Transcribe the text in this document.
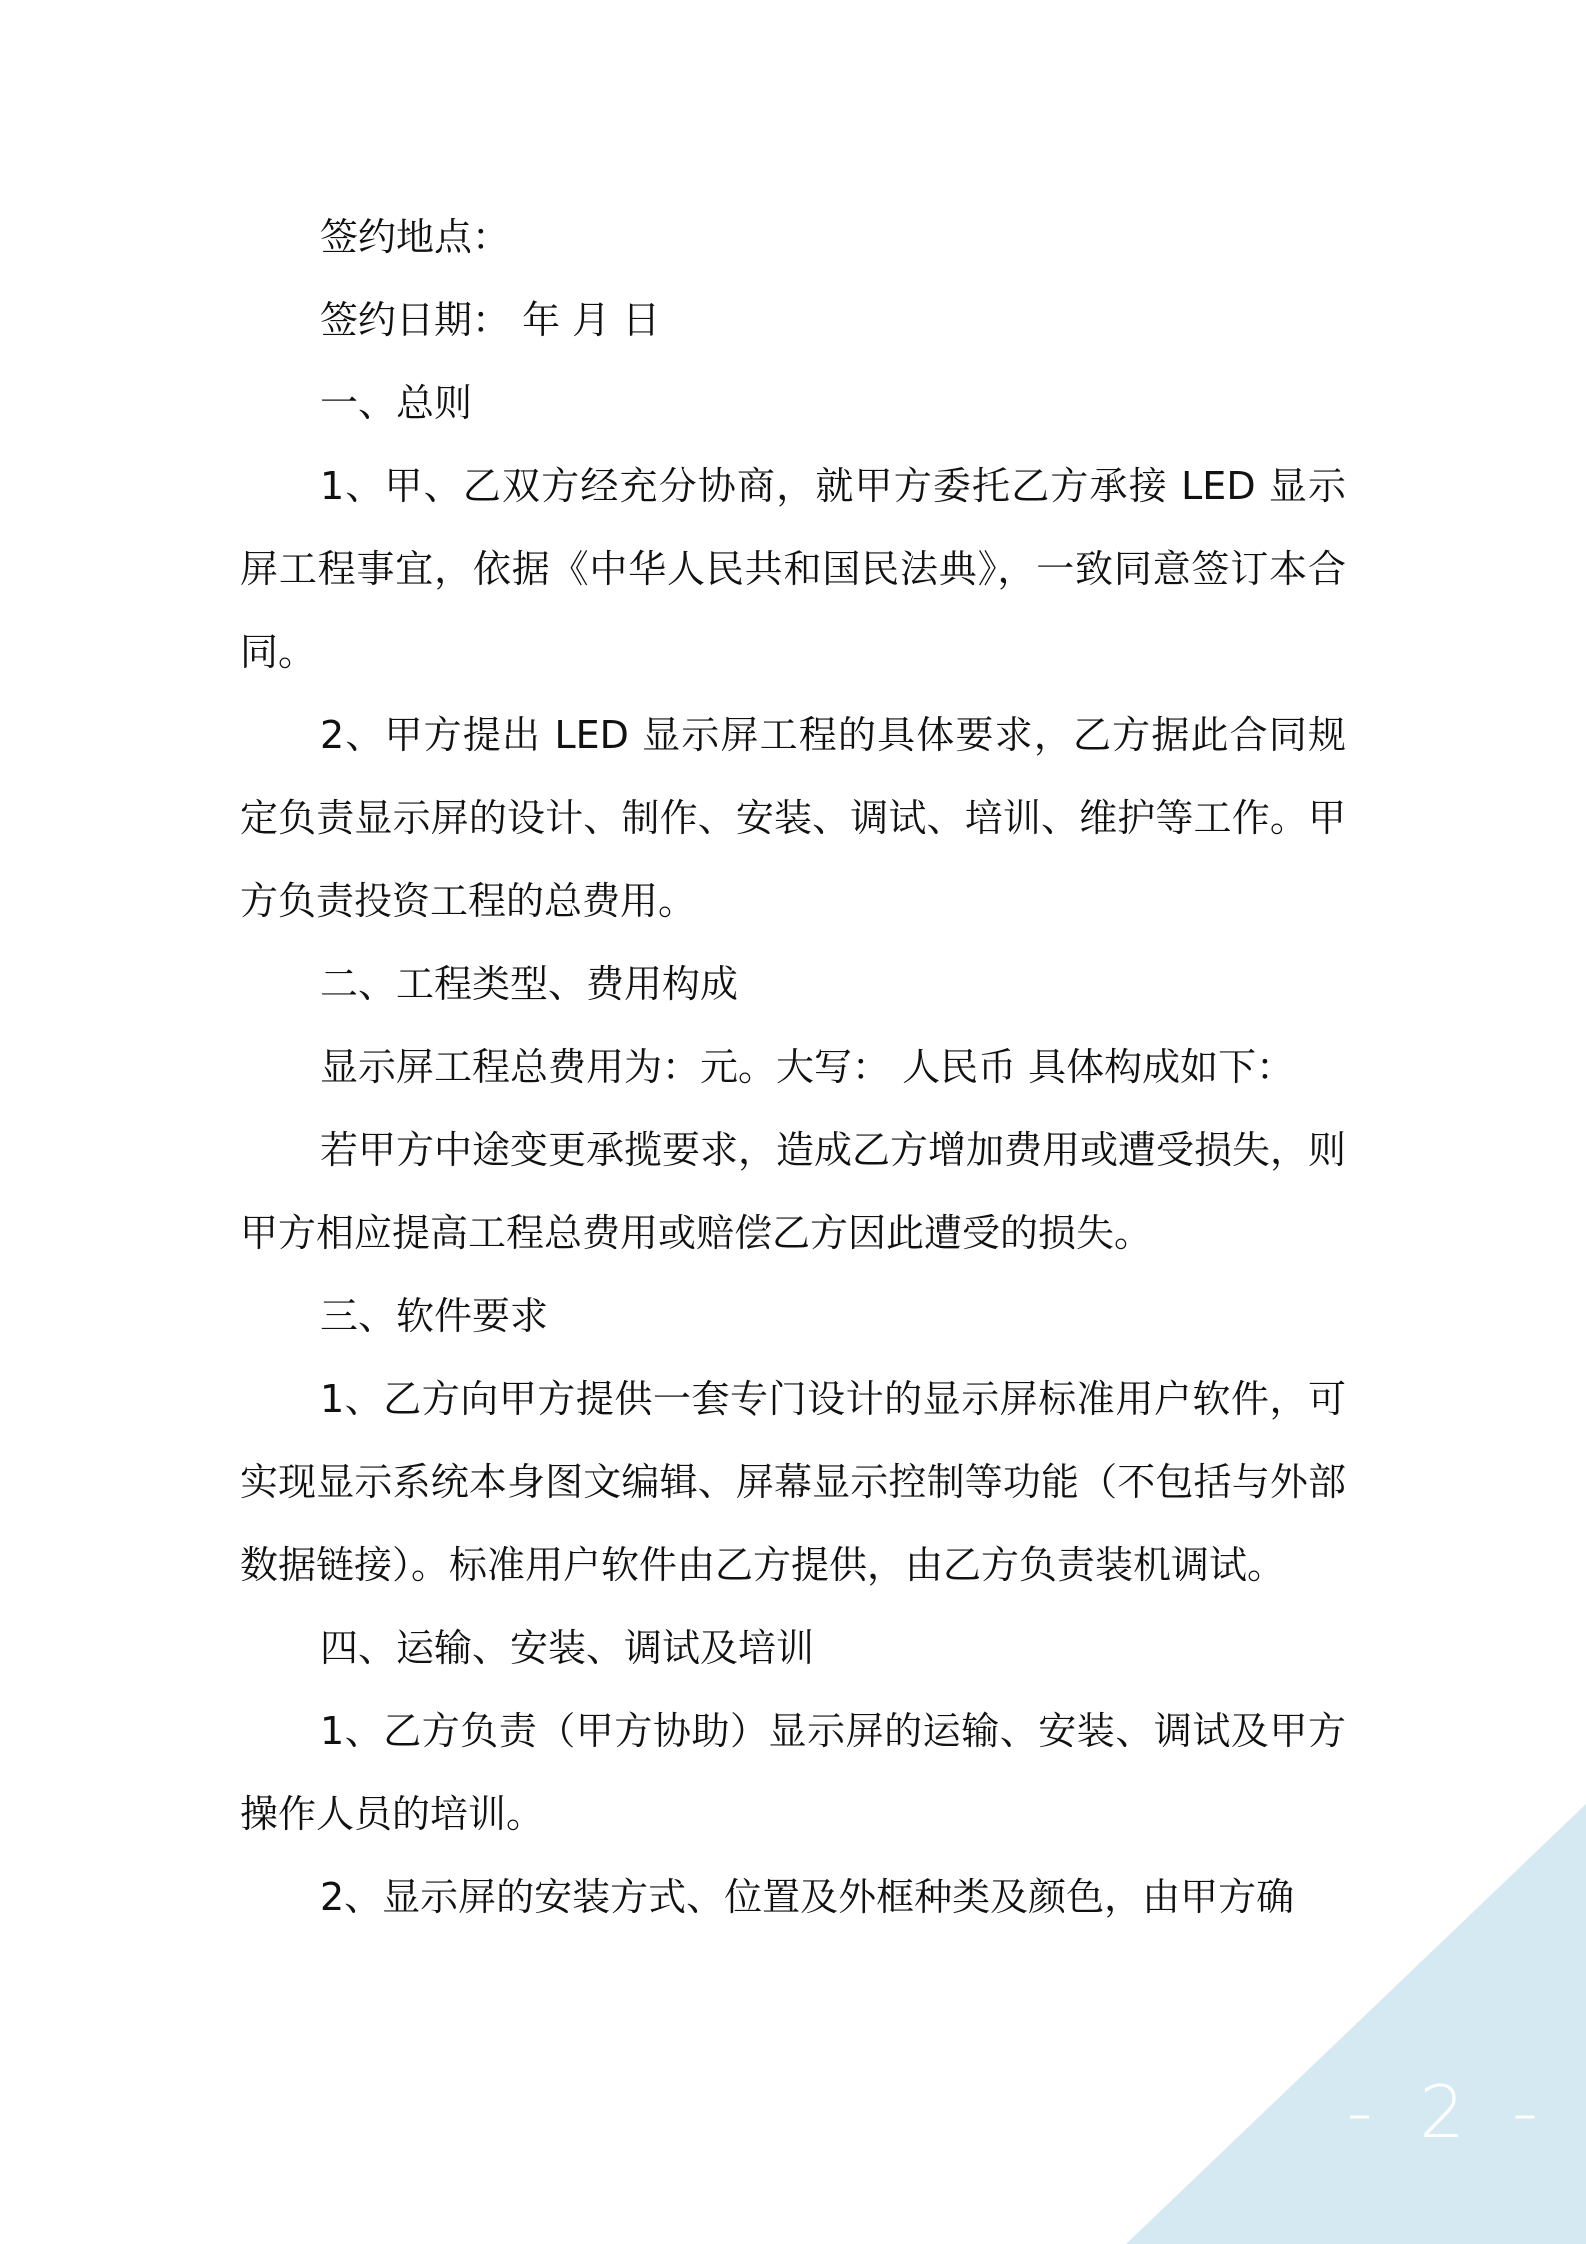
签约地点：

签约日期： 年 月 日

一、总则

1、甲、乙双方经充分协商，就甲方委托乙方承接 LED 显示屏工程事宜，依据《中华人民共和国民法典》，一致同意签订本合同。

2、甲方提出 LED 显示屏工程的具体要求，乙方据此合同规定负责显示屏的设计、制作、安装、调试、培训、维护等工作。甲方负责投资工程的总费用。

二、工程类型、费用构成

显示屏工程总费用为：元。大写： 人民币 具体构成如下：

若甲方中途变更承揽要求，造成乙方增加费用或遭受损失，则甲方相应提高工程总费用或赔偿乙方因此遭受的损失。

三、软件要求

1、乙方向甲方提供一套专门设计的显示屏标准用户软件，可实现显示系统本身图文编辑、屏幕显示控制等功能（不包括与外部数据链接）。标准用户软件由乙方提供，由乙方负责装机调试。

四、运输、安装、调试及培训

1、乙方负责（甲方协助）显示屏的运输、安装、调试及甲方操作人员的培训。

2、显示屏的安装方式、位置及外框种类及颜色，由甲方确

- 2 -
